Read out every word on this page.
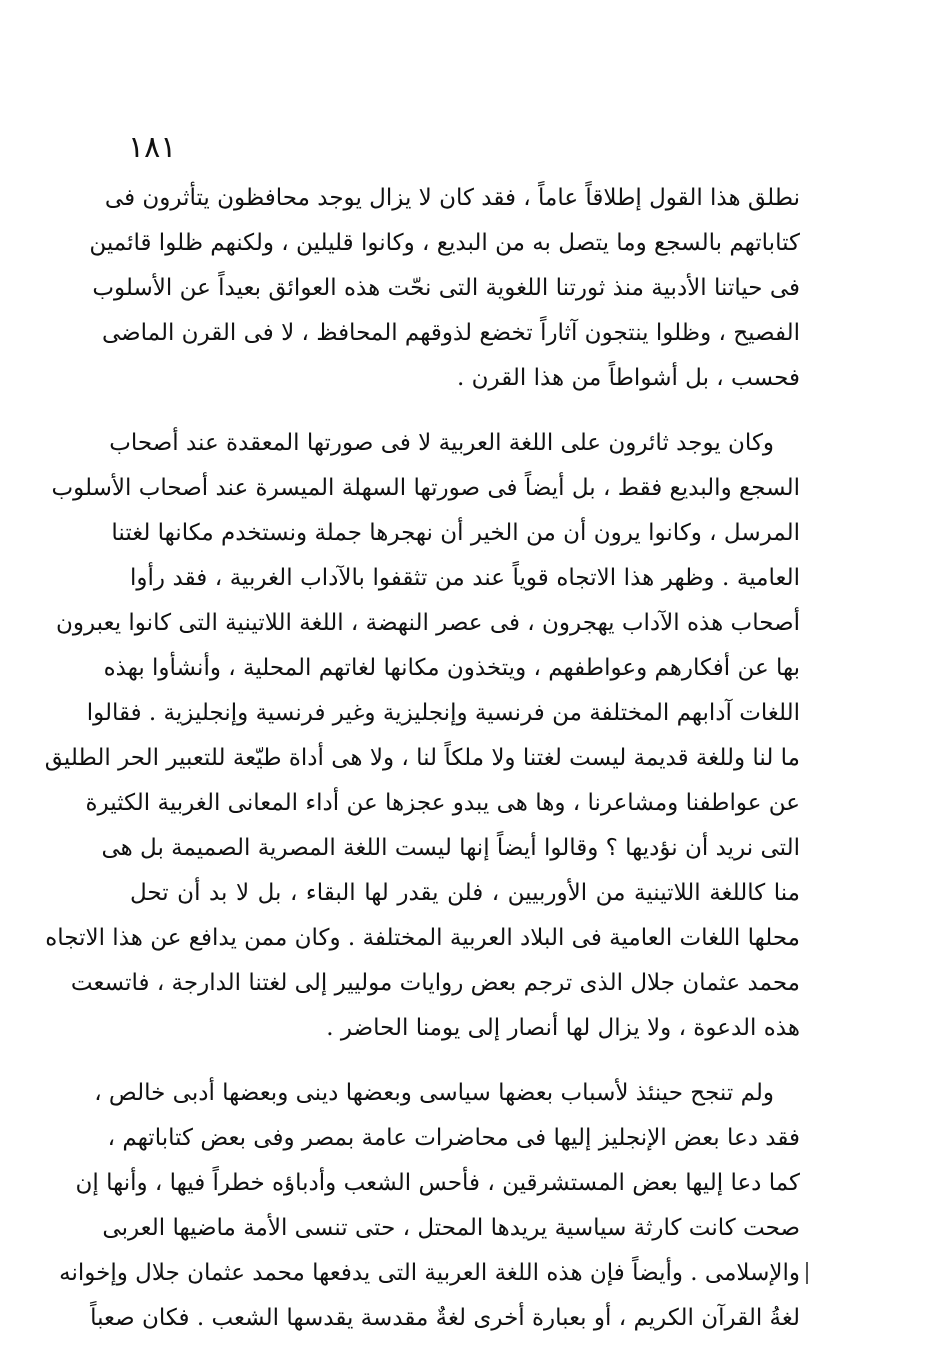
١٨١
نطلق هذا القول إطلاقاً عاماً ، فقد كان لا يزال يوجد محافظون يتأثرون فى
كتاباتهم بالسجع وما يتصل به من البديع ، وكانوا قليلين ، ولكنهم ظلوا قائمين
فى حياتنا الأدبية منذ ثورتنا اللغوية التى نحّت هذه العوائق بعيداً عن الأسلوب
الفصيح ، وظلوا ينتجون آثاراً تخضع لذوقهم المحافظ ، لا فى القرن الماضى
فحسب ، بل أشواطاً من هذا القرن .
وكان يوجد ثائرون على اللغة العربية لا فى صورتها المعقدة عند أصحاب
السجع والبديع فقط ، بل أيضاً فى صورتها السهلة الميسرة عند أصحاب الأسلوب
المرسل ، وكانوا يرون أن من الخير أن نهجرها جملة ونستخدم مكانها لغتنا
العامية . وظهر هذا الاتجاه قوياً عند من تثقفوا بالآداب الغربية ، فقد رأوا
أصحاب هذه الآداب يهجرون ، فى عصر النهضة ، اللغة اللاتينية التى كانوا يعبرون
بها عن أفكارهم وعواطفهم ، ويتخذون مكانها لغاتهم المحلية ، وأنشأوا بهذه
اللغات آدابهم المختلفة من فرنسية وإنجليزية وغير فرنسية وإنجليزية . فقالوا
ما لنا وللغة قديمة ليست لغتنا ولا ملكاً لنا ، ولا هى أداة طيّعة للتعبير الحر الطليق
عن عواطفنا ومشاعرنا ، وها هى يبدو عجزها عن أداء المعانى الغربية الكثيرة
التى نريد أن نؤديها ؟ وقالوا أيضاً إنها ليست اللغة المصرية الصميمة بل هى
منا كاللغة اللاتينية من الأوربيين ، فلن يقدر لها البقاء ، بل لا بد أن تحل
محلها اللغات العامية فى البلاد العربية المختلفة . وكان ممن يدافع عن هذا الاتجاه
محمد عثمان جلال الذى ترجم بعض روايات موليير إلى لغتنا الدارجة ، فاتسعت
هذه الدعوة ، ولا يزال لها أنصار إلى يومنا الحاضر .
ولم تنجح حينئذ لأسباب بعضها سياسى وبعضها دينى وبعضها أدبى خالص ،
فقد دعا بعض الإنجليز إليها فى محاضرات عامة بمصر وفى بعض كتاباتهم ،
كما دعا إليها بعض المستشرقين ، فأحس الشعب وأدباؤه خطراً فيها ، وأنها إن
صحت كانت كارثة سياسية يريدها المحتل ، حتى تنسى الأمة ماضيها العربى
والإسلامى . وأيضاً فإن هذه اللغة العربية التى يدفعها محمد عثمان جلال وإخوانه
لغةُ القرآن الكريم ، أو بعبارة أخرى لغةٌ مقدسة يقدسها الشعب . فكان صعباً
